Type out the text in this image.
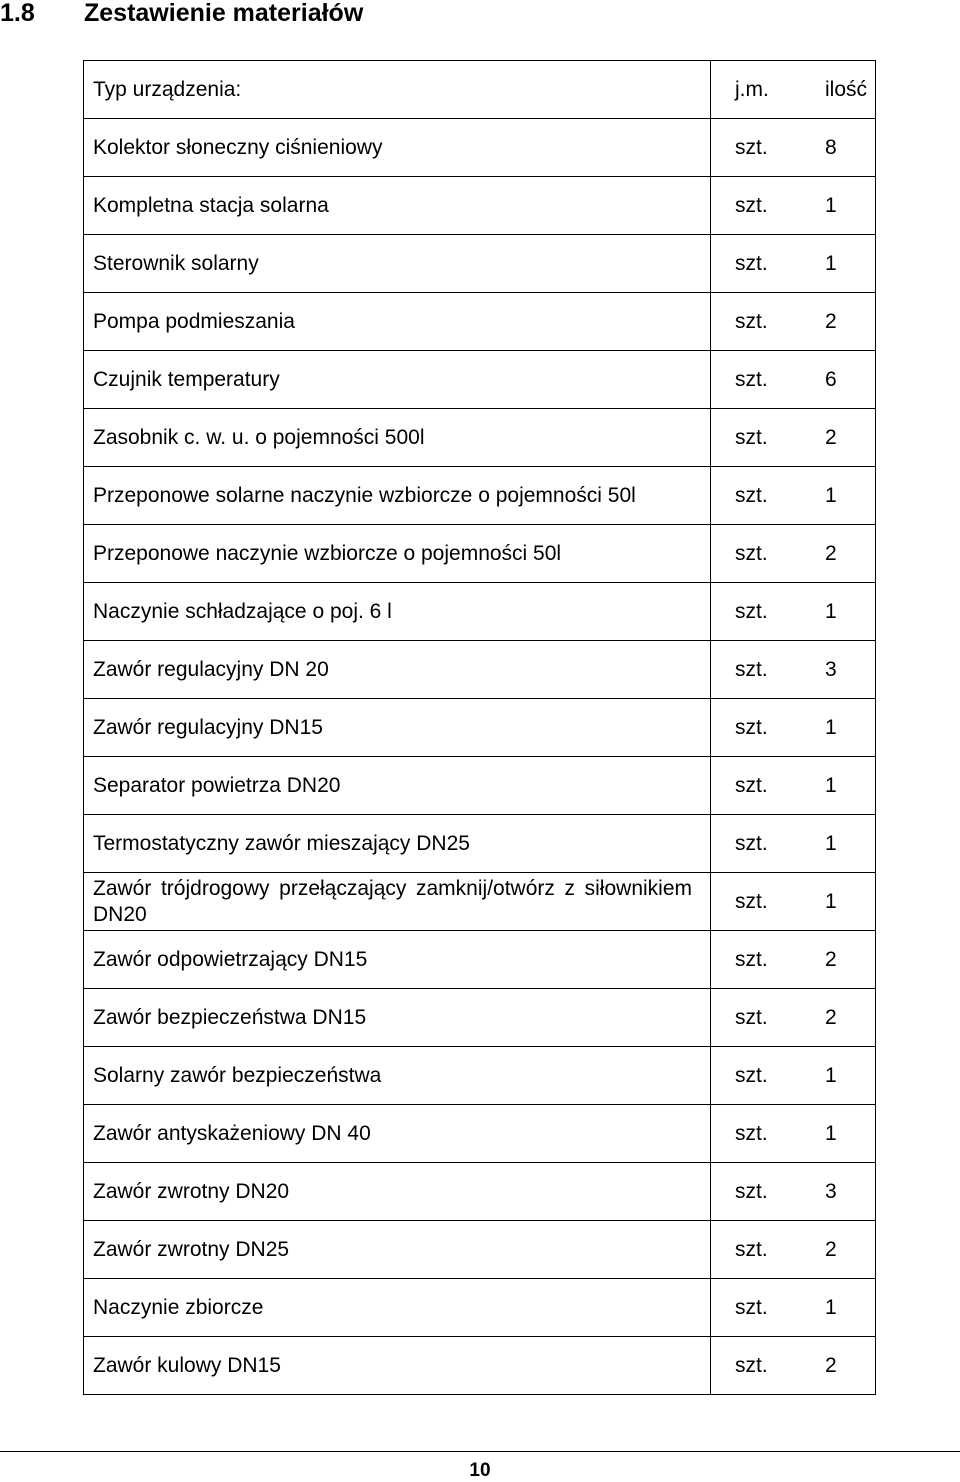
1.8 Zestawienie materiałów
Typ urządzenia:	j.m. ilość
Kolektor słoneczny ciśnieniowy	szt. 8
Kompletna stacja solarna	szt. 1
Sterownik solarny	szt. 1
Pompa podmieszania	szt. 2
Czujnik temperatury	szt. 6
Zasobnik c. w. u. o pojemności 500l	szt. 2
Przeponowe solarne naczynie wzbiorcze o pojemności 50l	szt. 1
Przeponowe naczynie wzbiorcze o pojemności 50l	szt. 2
Naczynie schładzające o poj. 6 l	szt. 1
Zawór regulacyjny DN 20	szt. 3
Zawór regulacyjny DN15	szt. 1
Separator powietrza DN20	szt. 1
Termostatyczny zawór mieszający DN25	szt. 1
Zawór trójdrogowy przełączający zamknij/otwórz z siłownikiem DN20	szt. 1
Zawór odpowietrzający DN15	szt. 2
Zawór bezpieczeństwa DN15	szt. 2
Solarny zawór bezpieczeństwa	szt. 1
Zawór antyskażeniowy DN 40	szt. 1
Zawór zwrotny DN20	szt. 3
Zawór zwrotny DN25	szt. 2
Naczynie zbiorcze	szt. 1
Zawór kulowy DN15	szt. 2
10
